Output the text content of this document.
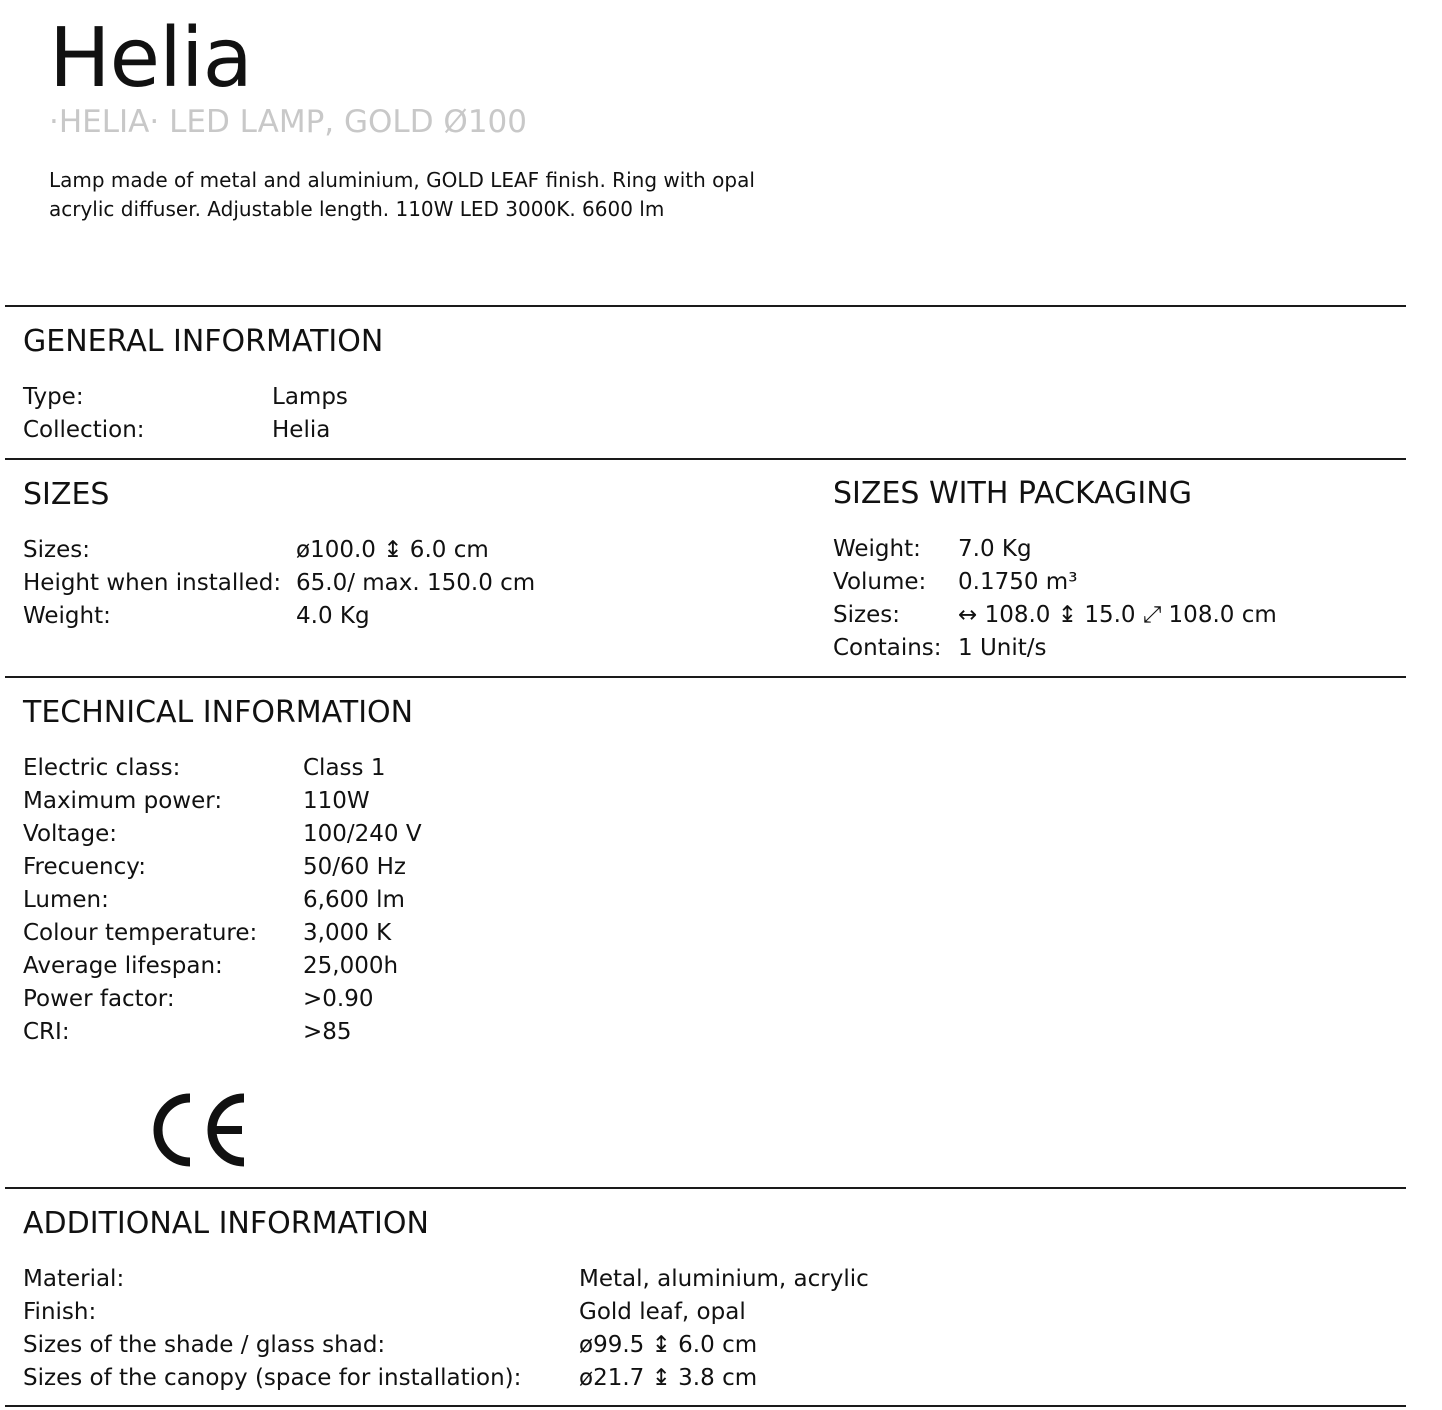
Helia
·HELIA· LED LAMP, GOLD Ø100
Lamp made of metal and aluminium, GOLD LEAF finish. Ring with opal
acrylic diffuser. Adjustable length. 110W LED 3000K. 6600 lm
GENERAL INFORMATION
Type:	Lamps
Collection:	Helia
SIZES
Sizes:	ø100.0 ↨ 6.0 cm
Height when installed: 65.0/ max. 150.0 cm
Weight:	4.0 Kg
SIZES WITH PACKAGING
Weight: 7.0 Kg
Volume: 0.1750 m³
Sizes:	↔ 108.0 ↨ 15.0 ⤢ 108.0 cm
Contains: 1 Unit/s
TECHNICAL INFORMATION
Electric class:	Class 1
Maximum power:	110W
Voltage:	100/240 V
Frecuency:	50/60 Hz
Lumen:	6,600 lm
Colour temperature: 3,000 K
Average lifespan:	25,000h
Power factor:	>0.90
CRI:	>85
ADDITIONAL INFORMATION
Material:	Metal, aluminium, acrylic
Finish:	Gold leaf, opal
Sizes of the shade / glass shad:	ø99.5 ↨ 6.0 cm
Sizes of the canopy (space for installation):	ø21.7 ↨ 3.8 cm
